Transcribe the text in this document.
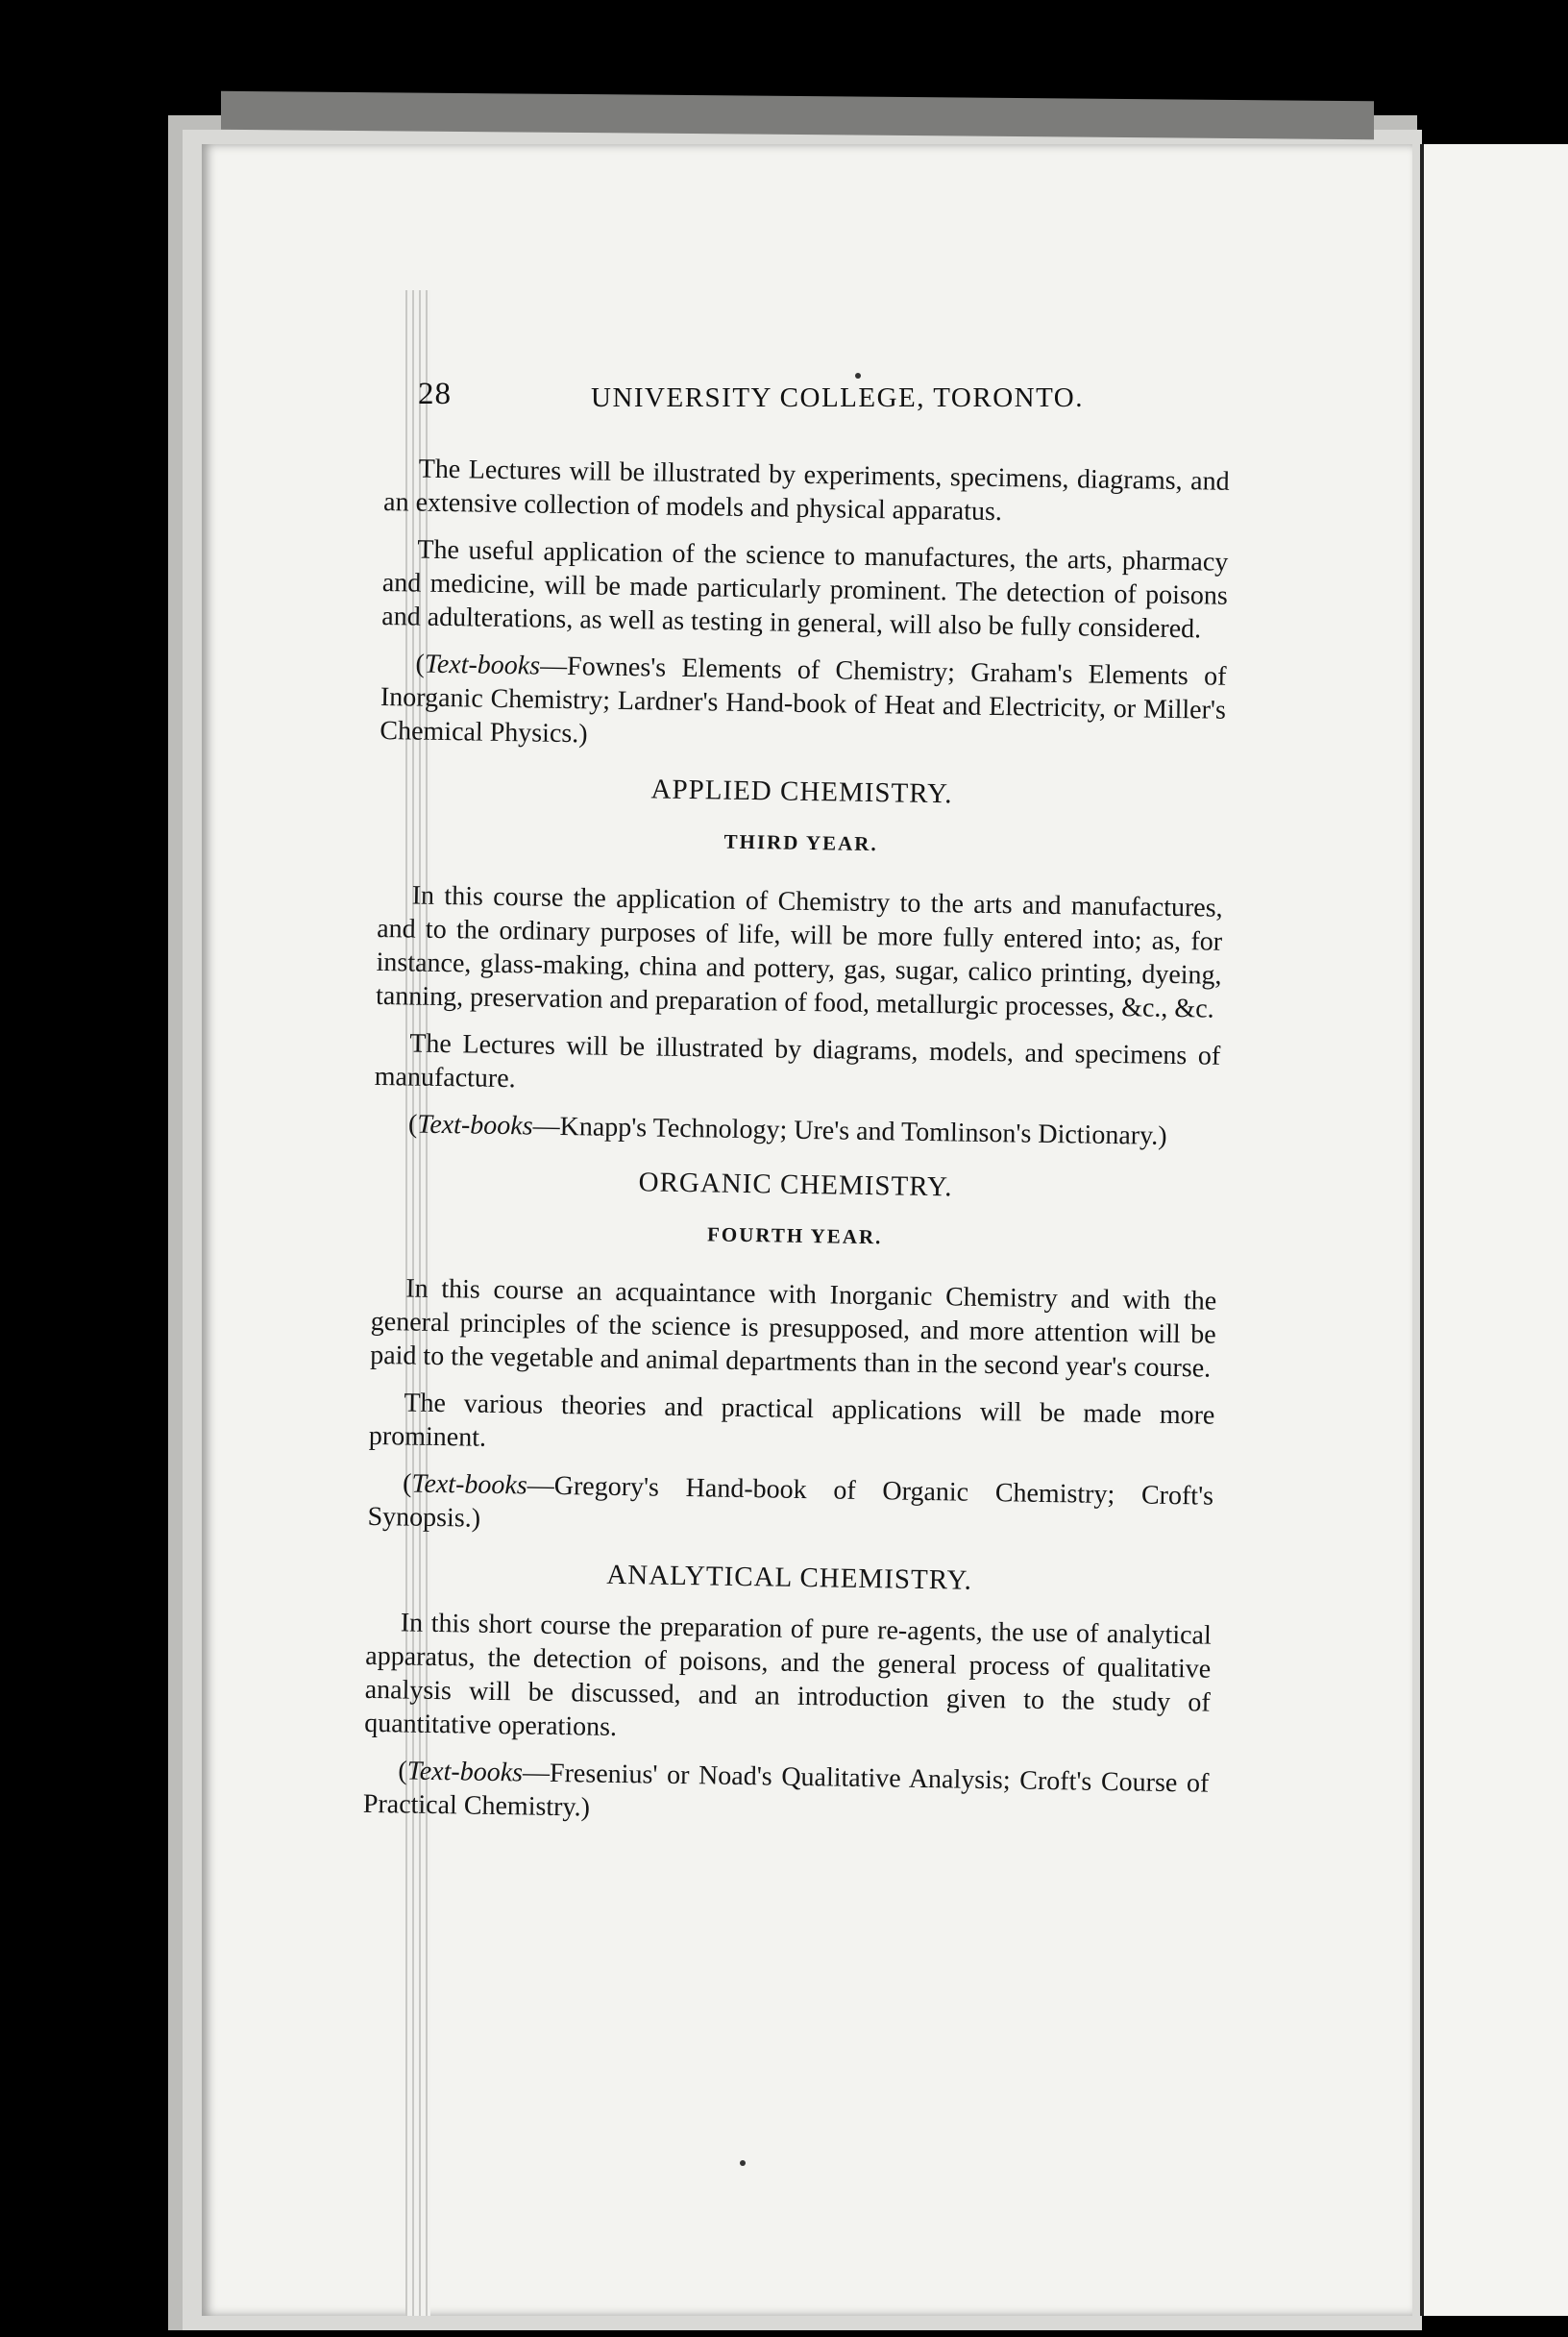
28	UNIVERSITY COLLEGE, TORONTO.

The Lectures will be illustrated by experiments, specimens, diagrams, and an extensive collection of models and physical apparatus.

The useful application of the science to manufactures, the arts, pharmacy and medicine, will be made particularly prominent. The detection of poisons and adulterations, as well as testing in general, will also be fully considered.

(Text-books—Fownes's Elements of Chemistry; Graham's Elements of Inorganic Chemistry; Lardner's Hand-book of Heat and Electricity, or Miller's Chemical Physics.)

APPLIED CHEMISTRY.
THIRD YEAR.

In this course the application of Chemistry to the arts and manufactures, and to the ordinary purposes of life, will be more fully entered into; as, for instance, glass-making, china and pottery, gas, sugar, calico printing, dyeing, tanning, preservation and preparation of food, metallurgic processes, &c., &c.

The Lectures will be illustrated by diagrams, models, and specimens of manufacture.

(Text-books—Knapp's Technology; Ure's and Tomlinson's Dictionary.)

ORGANIC CHEMISTRY.
FOURTH YEAR.

In this course an acquaintance with Inorganic Chemistry and with the general principles of the science is presupposed, and more attention will be paid to the vegetable and animal departments than in the second year's course.

The various theories and practical applications will be made more prominent.

(Text-books—Gregory's Hand-book of Organic Chemistry; Croft's Synopsis.)

ANALYTICAL CHEMISTRY.

In this short course the preparation of pure re-agents, the use of analytical apparatus, the detection of poisons, and the general process of qualitative analysis will be discussed, and an introduction given to the study of quantitative operations.

(Text-books—Fresenius' or Noad's Qualitative Analysis; Croft's Course of Practical Chemistry.)
